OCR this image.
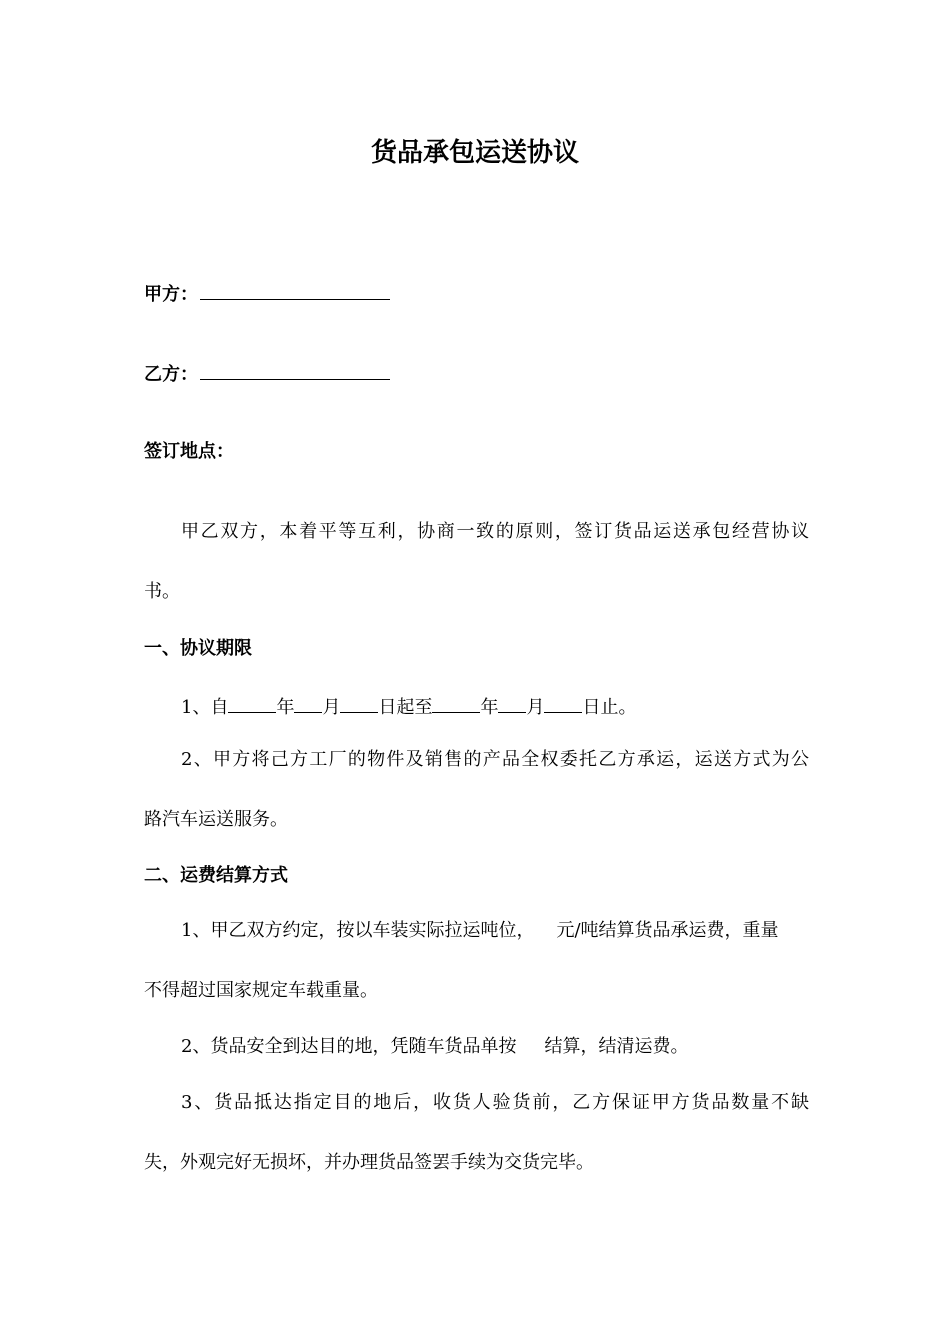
货品承包运送协议
甲方：
乙方：
签订地点：
甲乙双方，本着平等互利，协商一致的原则，签订货品运送承包经营协议
书。
一、协议期限
1、自	年 月 日起至	年 月 日止。
2、甲方将己方工厂的物件及销售的产品全权委托乙方承运，运送方式为公
路汽车运送服务。
二、运费结算方式
1、甲乙双方约定，按以车装实际拉运吨位， 元/吨结算货品承运费，重量
不得超过国家规定车载重量。
2、货品安全到达目的地，凭随车货品单按 结算，结清运费。
3、货品抵达指定目的地后，收货人验货前，乙方保证甲方货品数量不缺
失，外观完好无损坏，并办理货品签罢手续为交货完毕。
